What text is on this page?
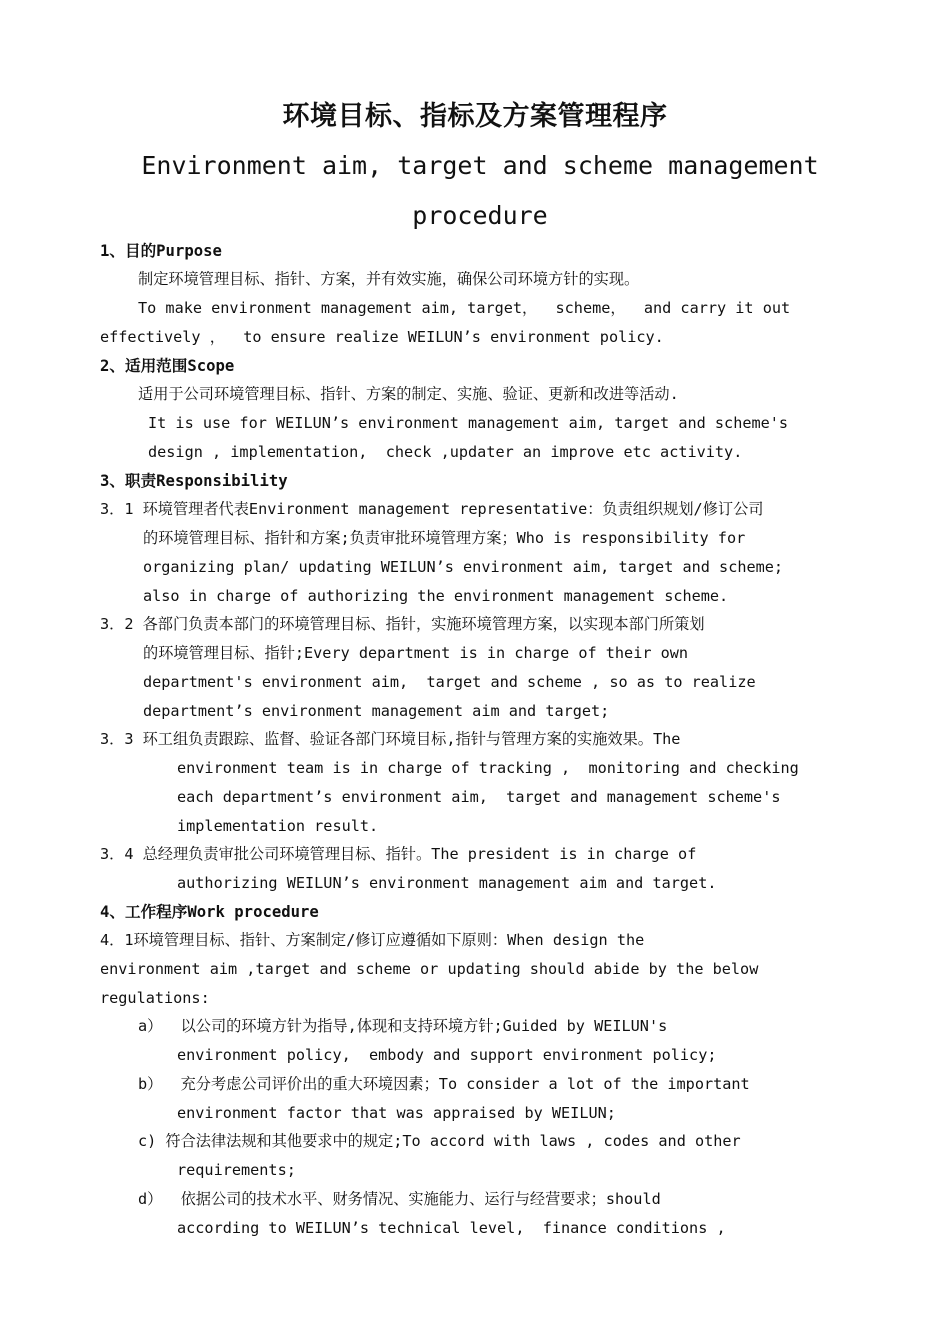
环境目标、指标及方案管理程序
Environment aim, target and scheme management
procedure
1、目的Purpose
制定环境管理目标、指针、方案，并有效实施，确保公司环境方针的实现。
To make environment management aim, target，  scheme，  and carry it out
effectively ，  to ensure realize WEILUN’s environment policy.
2、适用范围Scope
适用于公司环境管理目标、指针、方案的制定、实施、验证、更新和改进等活动.
It is use for WEILUN’s environment management aim, target and scheme's
design , implementation,  check ,updater an improve etc activity.
3、职责Responsibility
3．1 环境管理者代表Environment management representative：负责组织规划/修订公司
的环境管理目标、指针和方案;负责审批环境管理方案；Who is responsibility for
organizing plan/ updating WEILUN’s environment aim, target and scheme;
also in charge of authorizing the environment management scheme.
3．2 各部门负责本部门的环境管理目标、指针，实施环境管理方案，以实现本部门所策划
的环境管理目标、指针;Every department is in charge of their own
department's environment aim,  target and scheme , so as to realize
department’s environment management aim and target;
3．3 环工组负责跟踪、监督、验证各部门环境目标,指针与管理方案的实施效果。The
environment team is in charge of tracking ,  monitoring and checking
each department’s environment aim,  target and management scheme's
implementation result.
3．4 总经理负责审批公司环境管理目标、指针。The president is in charge of
authorizing WEILUN’s environment management aim and target.
4、工作程序Work procedure
4．1环境管理目标、指针、方案制定/修订应遵循如下原则：When design the
environment aim ,target and scheme or updating should abide by the below
regulations:
a）  以公司的环境方针为指导,体现和支持环境方针;Guided by WEILUN's
environment policy,  embody and support environment policy;
b）  充分考虑公司评价出的重大环境因素；To consider a lot of the important
environment factor that was appraised by WEILUN;
c) 符合法律法规和其他要求中的规定;To accord with laws , codes and other
requirements;
d）  依据公司的技术水平、财务情况、实施能力、运行与经营要求；should
according to WEILUN’s technical level,  finance conditions ,
